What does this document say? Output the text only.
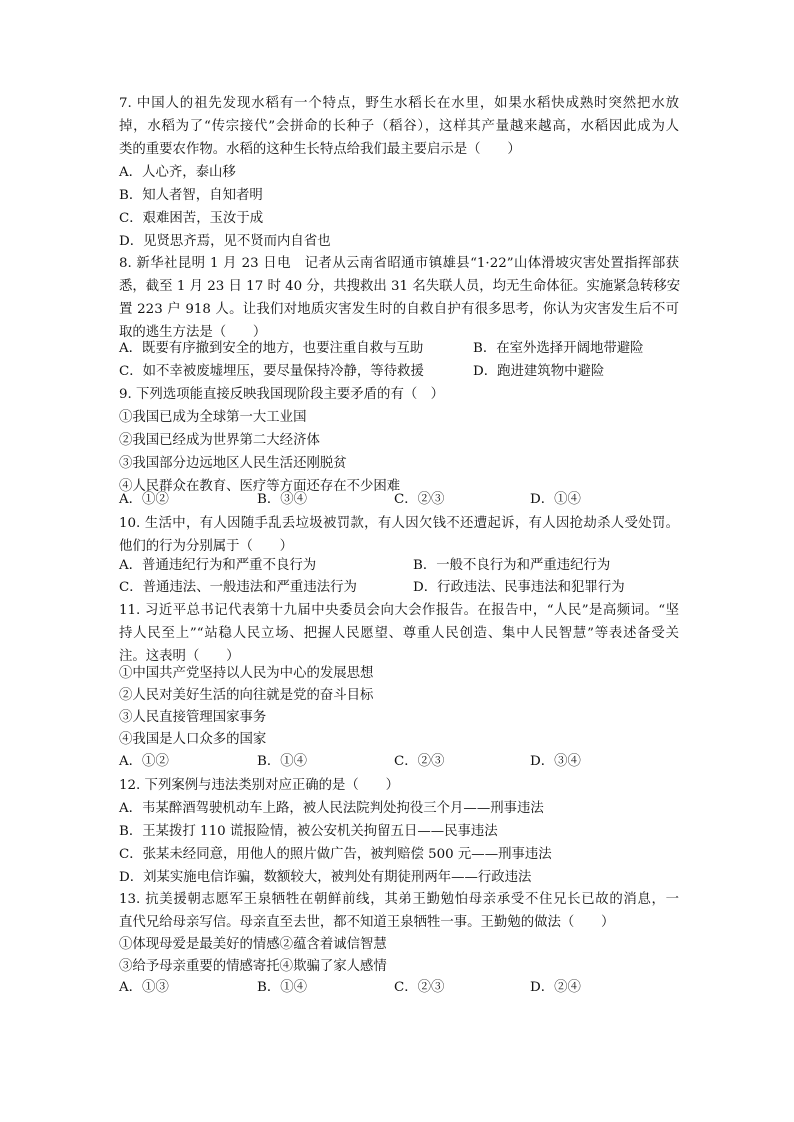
7. 中国人的祖先发现水稻有一个特点，野生水稻长在水里，如果水稻快成熟时突然把水放
掉，水稻为了“传宗接代”会拼命的长种子（稻谷），这样其产量越来越高，水稻因此成为人
类的重要农作物。水稻的这种生长特点给我们最主要启示是（　　）
A．人心齐，泰山移
B．知人者智，自知者明
C．艰难困苦，玉汝于成
D．见贤思齐焉，见不贤而内自省也
8. 新华社昆明 1 月 23 日电　记者从云南省昭通市镇雄县“1·22”山体滑坡灾害处置指挥部获
悉，截至 1 月 23 日 17 时 40 分，共搜救出 31 名失联人员，均无生命体征。实施紧急转移安
置 223 户 918 人。让我们对地质灾害发生时的自救自护有很多思考，你认为灾害发生后不可
取的逃生方法是（　　）
A．既要有序撤到安全的地方，也要注重自救与互助	B．在室外选择开阔地带避险
C．如不幸被废墟埋压，要尽量保持冷静，等待救援	D．跑进建筑物中避险
9. 下列选项能直接反映我国现阶段主要矛盾的有（　）
①我国已成为全球第一大工业国
②我国已经成为世界第二大经济体
③我国部分边远地区人民生活还刚脱贫
④人民群众在教育、医疗等方面还存在不少困难
A．①②	B．③④	C．②③	D．①④
10. 生活中，有人因随手乱丢垃圾被罚款，有人因欠钱不还遭起诉，有人因抢劫杀人受处罚。
他们的行为分别属于（　　）
A．普通违纪行为和严重不良行为	B．一般不良行为和严重违纪行为
C．普通违法、一般违法和严重违法行为	D．行政违法、民事违法和犯罪行为
11. 习近平总书记代表第十九届中央委员会向大会作报告。在报告中，“人民”是高频词。“坚
持人民至上”“站稳人民立场、把握人民愿望、尊重人民创造、集中人民智慧”等表述备受关
注。这表明（　　）
①中国共产党坚持以人民为中心的发展思想
②人民对美好生活的向往就是党的奋斗目标
③人民直接管理国家事务
④我国是人口众多的国家
A．①②	B．①④	C．②③	D．③④
12. 下列案例与违法类别对应正确的是（　　）
A．韦某醉酒驾驶机动车上路，被人民法院判处拘役三个月——刑事违法
B．王某拨打 110 谎报险情，被公安机关拘留五日——民事违法
C．张某未经同意，用他人的照片做广告，被判赔偿 500 元——刑事违法
D．刘某实施电信诈骗，数额较大，被判处有期徒刑两年——行政违法
13. 抗美援朝志愿军王泉牺牲在朝鲜前线，其弟王勤勉怕母亲承受不住兄长已故的消息，一
直代兄给母亲写信。母亲直至去世，都不知道王泉牺牲一事。王勤勉的做法（　　）
①体现母爱是最美好的情感②蕴含着诚信智慧
③给予母亲重要的情感寄托④欺骗了家人感情
A．①③	B．①④	C．②③	D．②④
